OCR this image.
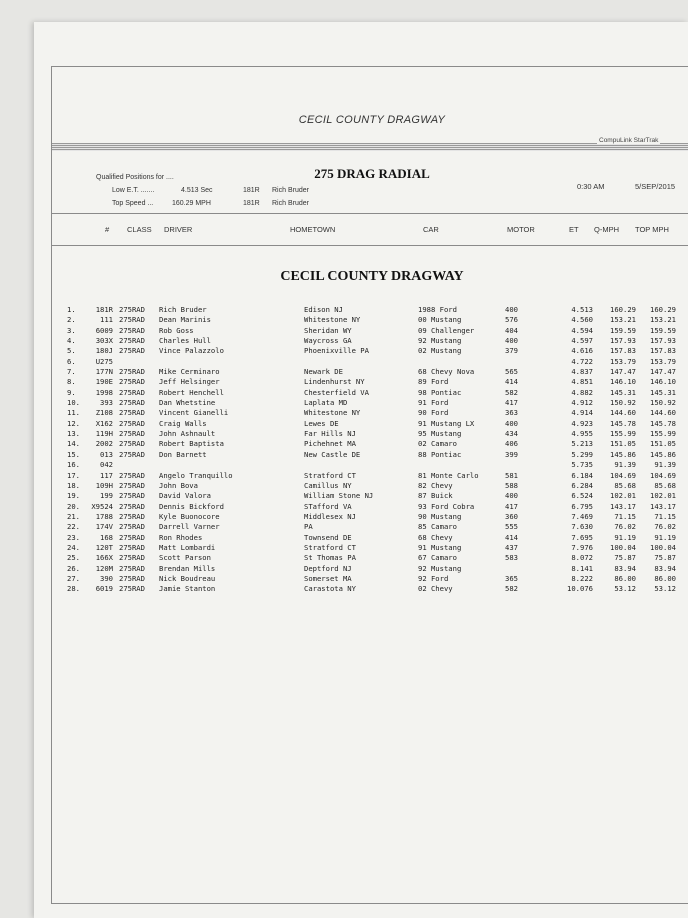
CECIL COUNTY DRAGWAY
CompuLink StarTrak
Qualified Positions for ....
Low E.T. .......	4.513 Sec	181R Rich Bruder
Top Speed ...	160.29 MPH	181R Rich Bruder
275 DRAG RADIAL
0:30 AM	5/SEP/2015
# CLASS DRIVER	HOMETOWN	CAR	MOTOR	ET Q-MPH TOP MPH
CECIL COUNTY DRAGWAY
1.	181R 275RAD Rich Bruder	Edison NJ	1988 Ford	400	4.513 160.29 160.29
2.	111 275RAD Dean Marinis	Whitestone NY	00 Mustang	576	4.560 153.21 153.21
3.	6009 275RAD Rob Goss	Sheridan WY	09 Challenger	404	4.594 159.59 159.59
4.	303X 275RAD Charles Hull	Waycross GA	92 Mustang	400	4.597 157.93 157.93
5.	180J 275RAD Vince Palazzolo	Phoenixville PA	02 Mustang	379	4.616 157.83 157.83
6.	U275	4.722 153.79 153.79
7.	177N 275RAD Mike Cerminaro	Newark DE	68 Chevy Nova	565	4.837 147.47 147.47
8.	190E 275RAD Jeff Helsinger	Lindenhurst NY	89 Ford	414	4.851 146.10 146.10
9.	1998 275RAD Robert Henchell	Chesterfield VA	98 Pontiac	582	4.882 145.31 145.31
10.	393 275RAD Dan Whetstine	Laplata MD	91 Ford	417	4.912 150.92 150.92
11. Z108 275RAD Vincent Gianelli	Whitestone NY	90 Ford	363	4.914 144.60 144.60
12. X162 275RAD Craig Walls	Lewes DE	91 Mustang LX	400	4.923 145.78 145.78
13. 119H 275RAD John Ashnault	Far Hills NJ	95 Mustang	434	4.955 155.99 155.99
14. 2002 275RAD Robert Baptista	Pichehnet MA	02 Camaro	406	5.213 151.05 151.05
15.	013 275RAD Don Barnett	New Castle DE	88 Pontiac	399	5.299 145.86 145.86
16.	042	5.735	91.39	91.39
17.	117 275RAD Angelo Tranquillo	Stratford CT	81 Monte Carlo	581	6.184 104.69 104.69
18. 109H 275RAD John Bova	Camillus NY	82 Chevy	588	6.284	85.68	85.68
19.	199 275RAD David Valora	William Stone NJ	87 Buick	400	6.524 102.01 102.01
20. X9524 275RAD Dennis Bickford	STafford VA	93 Ford Cobra	417	6.795 143.17 143.17
21. 1788 275RAD Kyle Buonocore	Middlesex NJ	90 Mustang	360	7.469	71.15	71.15
22. 174V 275RAD Darrell Varner	PA	85 Camaro	555	7.630	76.02	76.02
23.	168 275RAD Ron Rhodes	Townsend DE	68 Chevy	414	7.695	91.19	91.19
24. 120T 275RAD Matt Lombardi	Stratford CT	91 Mustang	437	7.976 100.04 100.04
25. 166X 275RAD Scott Parson	St Thomas PA	67 Camaro	583	8.072	75.87	75.87
26. 120M 275RAD Brendan Mills	Deptford NJ	92 Mustang	8.141	83.94	83.94
27.	390 275RAD Nick Boudreau	Somerset MA	92 Ford	365	8.222	86.00	86.00
28. 6019 275RAD Jamie Stanton	Carastota NY	02 Chevy	582	10.076	53.12	53.12
